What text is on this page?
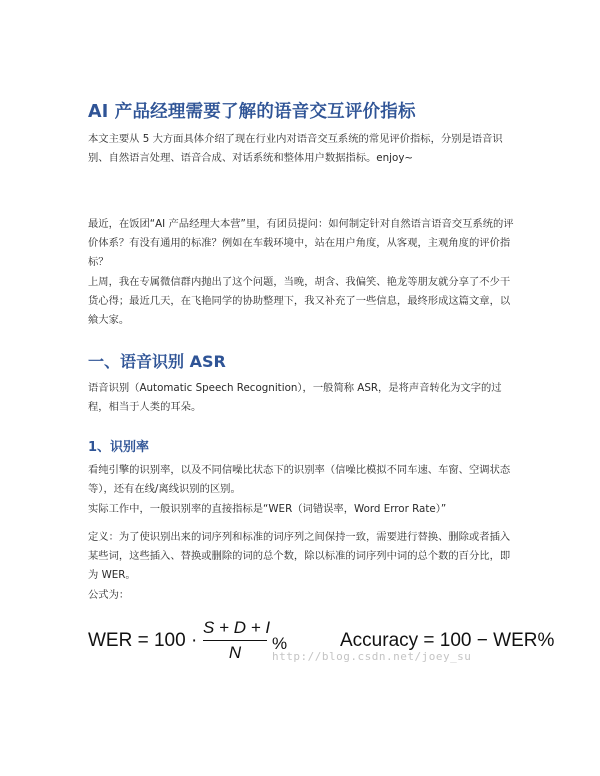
AI 产品经理需要了解的语音交互评价指标

本文主要从 5 大方面具体介绍了现在行业内对语音交互系统的常见评价指标，分别是语音识别、自然语言处理、语音合成、对话系统和整体用户数据指标。enjoy~

最近，在饭团“AI 产品经理大本营”里，有团员提问：如何制定针对自然语言语音交互系统的评价体系？有没有通用的标准？例如在车载环境中，站在用户角度，从客观，主观角度的评价指标？

上周，我在专属微信群内抛出了这个问题，当晚，胡含、我偏笑、艳龙等朋友就分享了不少干货心得；最近几天，在飞艳同学的协助整理下，我又补充了一些信息，最终形成这篇文章，以飨大家。

一、语音识别 ASR

语音识别（Automatic Speech Recognition），一般简称 ASR，是将声音转化为文字的过程，相当于人类的耳朵。

1、识别率

看纯引擎的识别率，以及不同信噪比状态下的识别率（信噪比模拟不同车速、车窗、空调状态等），还有在线/离线识别的区别。

实际工作中，一般识别率的直接指标是“WER（词错误率，Word Error Rate）”

定义：为了使识别出来的词序列和标准的词序列之间保持一致，需要进行替换、删除或者插入某些词，这些插入、替换或删除的词的总个数，除以标准的词序列中词的总个数的百分比，即为 WER。

公式为：

WER = 100 ·
S + D + I
N	%	Accuracy = 100 − WER%
http://blog.csdn.net/joey_su
